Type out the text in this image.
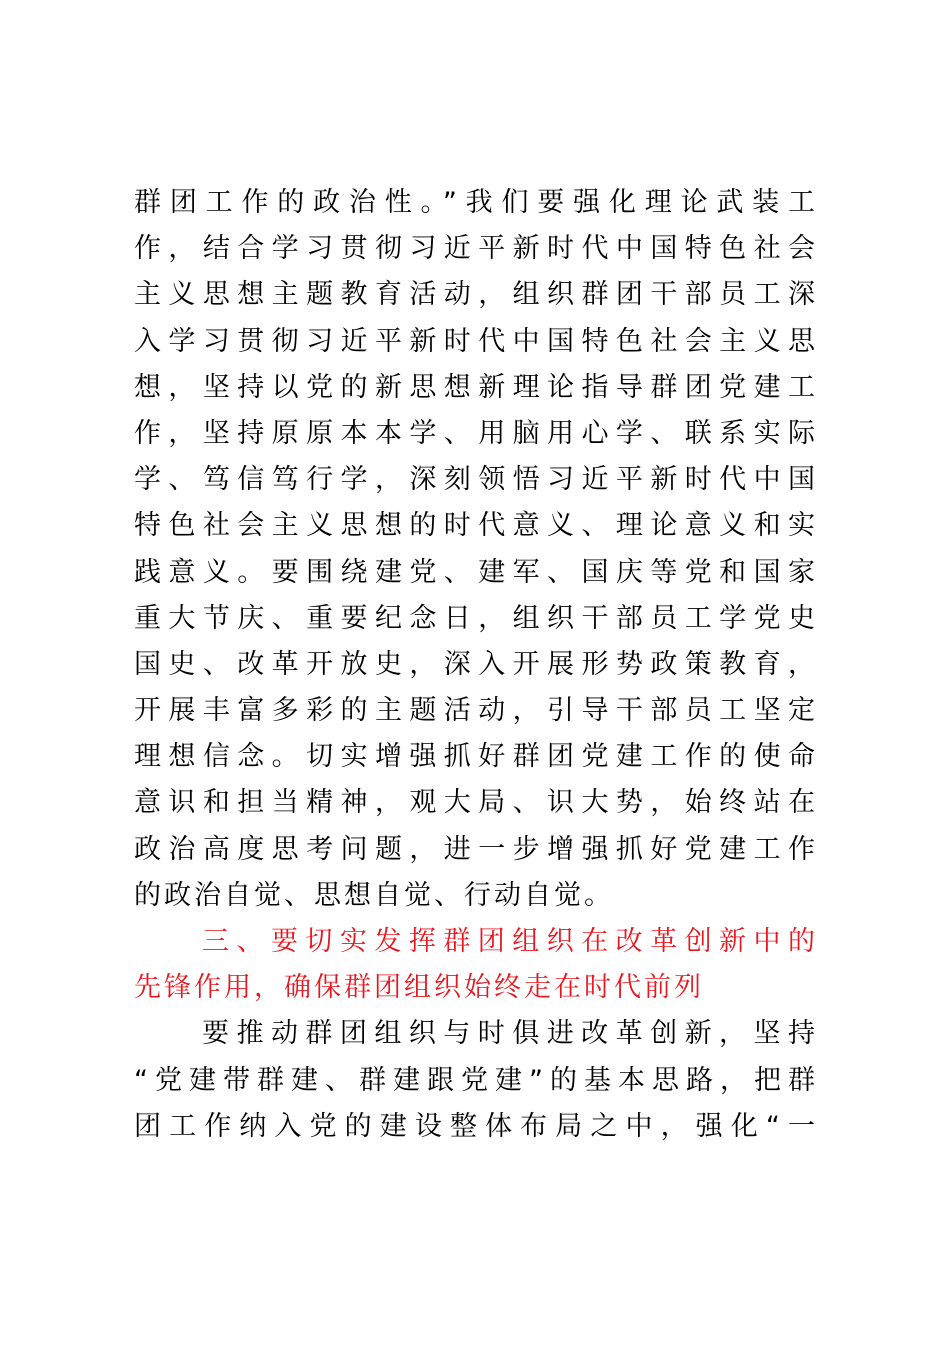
群团工作的政治性。”我们要强化理论武装工
作，结合学习贯彻习近平新时代中国特色社会
主义思想主题教育活动，组织群团干部员工深
入学习贯彻习近平新时代中国特色社会主义思
想，坚持以党的新思想新理论指导群团党建工
作，坚持原原本本学、用脑用心学、联系实际
学、笃信笃行学，深刻领悟习近平新时代中国
特色社会主义思想的时代意义、理论意义和实
践意义。要围绕建党、建军、国庆等党和国家
重大节庆、重要纪念日，组织干部员工学党史
国史、改革开放史，深入开展形势政策教育，
开展丰富多彩的主题活动，引导干部员工坚定
理想信念。切实增强抓好群团党建工作的使命
意识和担当精神，观大局、识大势，始终站在
政治高度思考问题，进一步增强抓好党建工作
的政治自觉、思想自觉、行动自觉。
三、要切实发挥群团组织在改革创新中的
先锋作用，确保群团组织始终走在时代前列
要推动群团组织与时俱进改革创新，坚持
“党建带群建、群建跟党建”的基本思路，把群
团工作纳入党的建设整体布局之中，强化“一
